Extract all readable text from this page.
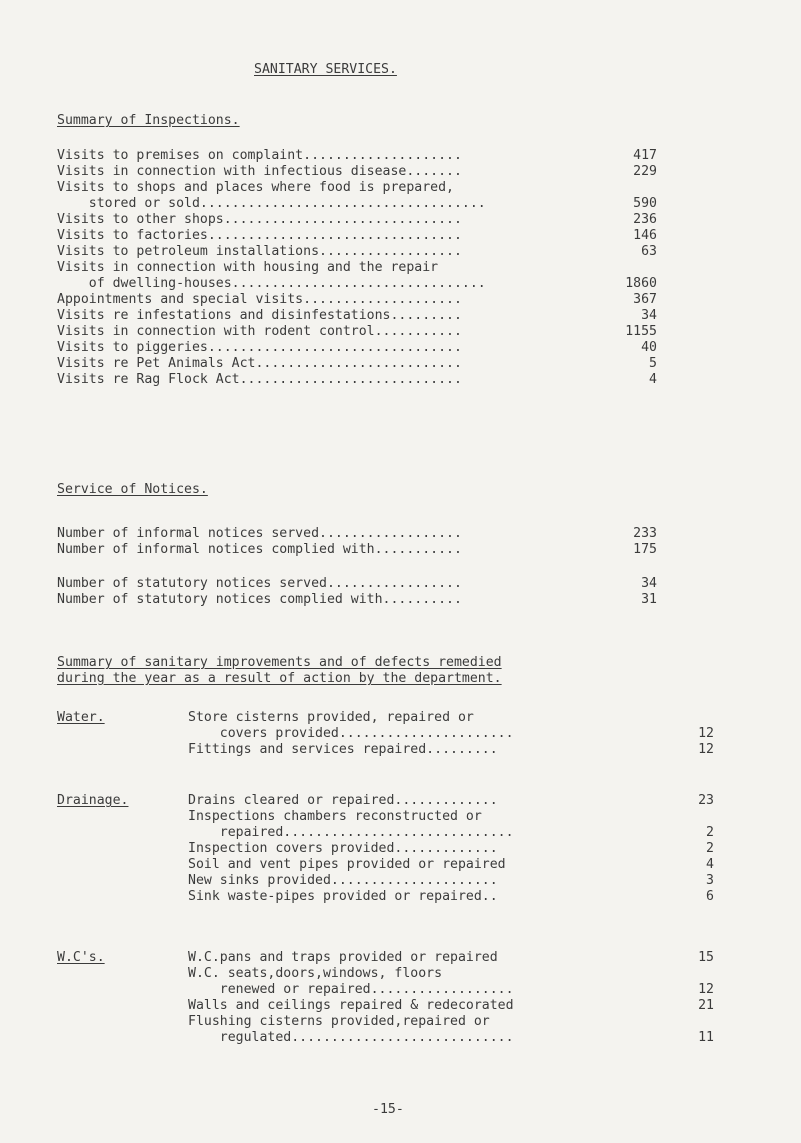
SANITARY SERVICES.
Summary of Inspections.
Visits to premises on complaint....................	417
Visits in connection with infectious disease.......	229
Visits to shops and places where food is prepared,
stored or sold....................................	590
Visits to other shops..............................	236
Visits to factories................................	146
Visits to petroleum installations..................	63
Visits in connection with housing and the repair
of dwelling-houses................................	1860
Appointments and special visits....................	367
Visits re infestations and disinfestations.........	34
Visits in connection with rodent control...........	1155
Visits to piggeries................................	40
Visits re Pet Animals Act..........................	5
Visits re Rag Flock Act............................	4
Service of Notices.
Number of informal notices served..................	233
Number of informal notices complied with...........	175
Number of statutory notices served.................	34
Number of statutory notices complied with..........	31
Summary of sanitary improvements and of defects remedied
during the year as a result of action by the department.
Water.	Store cisterns provided, repaired or
covers provided......................	12
Fittings and services repaired.........	12
Drainage.	Drains cleared or repaired.............	23
Inspections chambers reconstructed or
repaired.............................	2
Inspection covers provided.............	2
Soil and vent pipes provided or repaired	4
New sinks provided.....................	3
Sink waste-pipes provided or repaired..	6
W.C's.	W.C.pans and traps provided or repaired	15
W.C. seats,doors,windows, floors
renewed or repaired..................	12
Walls and ceilings repaired & redecorated	21
Flushing cisterns provided,repaired or
regulated............................	11
-15-
